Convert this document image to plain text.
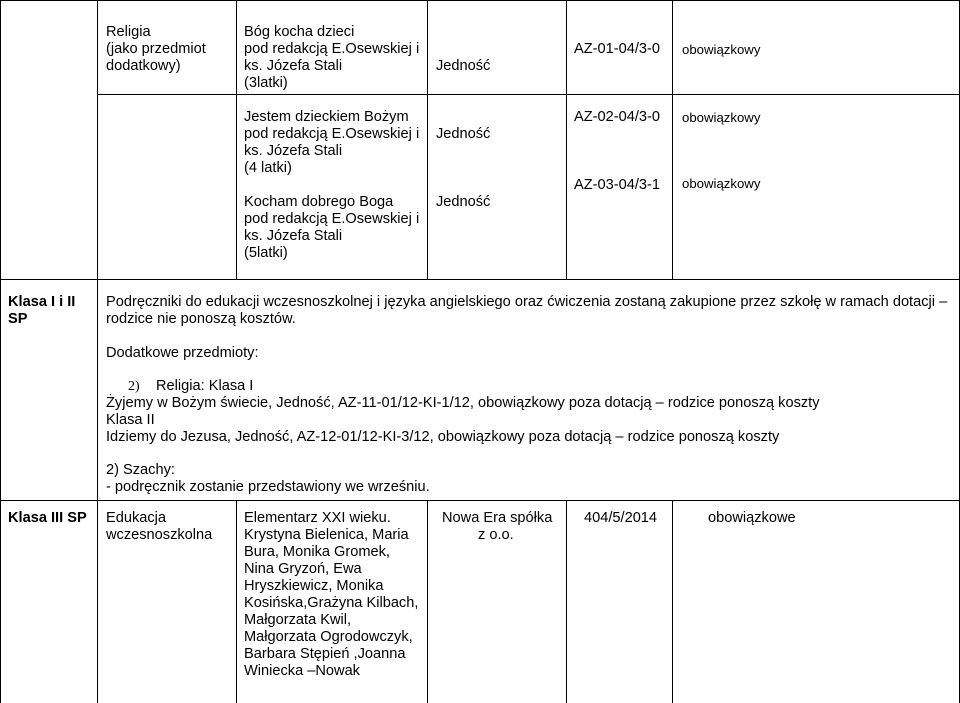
Religia
(jako przedmiot
dodatkowy)
Bóg kocha dzieci
pod redakcją E.Osewskiej i
ks. Józefa Stali
(3latki)
Jedność
AZ-01-04/3-0 obowiązkowy
Jestem dzieckiem Bożym
pod redakcją E.Osewskiej i
ks. Józefa Stali
(4 latki)
Kocham dobrego Boga
pod redakcją E.Osewskiej i
ks. Józefa Stali
(5latki)
Jedność
Jedność
AZ-02-04/3-0
AZ-03-04/3-1
obowiązkowy
obowiązkowy
Klasa I i II
SP
Podręczniki do edukacji wczesnoszkolnej i języka angielskiego oraz ćwiczenia zostaną zakupione przez szkołę w ramach dotacji –
rodzice nie ponoszą kosztów.
Dodatkowe przedmioty:
2) Religia: Klasa I
Żyjemy w Bożym świecie, Jedność, AZ-11-01/12-KI-1/12, obowiązkowy poza dotacją – rodzice ponoszą koszty
Klasa II
Idziemy do Jezusa, Jedność, AZ-12-01/12-KI-3/12, obowiązkowy poza dotacją – rodzice ponoszą koszty
2) Szachy:
- podręcznik zostanie przedstawiony we wrześniu.
Klasa III SP Edukacja
wczesnoszkolna
Elementarz XXI wieku.
Krystyna Bielenica, Maria
Bura, Monika Gromek,
Nina Gryzoń, Ewa
Hryszkiewicz, Monika
Kosińska,Grażyna Kilbach,
Małgorzata Kwil,
Małgorzata Ogrodowczyk,
Barbara Stępień ,Joanna
Winiecka –Nowak
Nowa Era spółka
z o.o.
404/5/2014	obowiązkowe
